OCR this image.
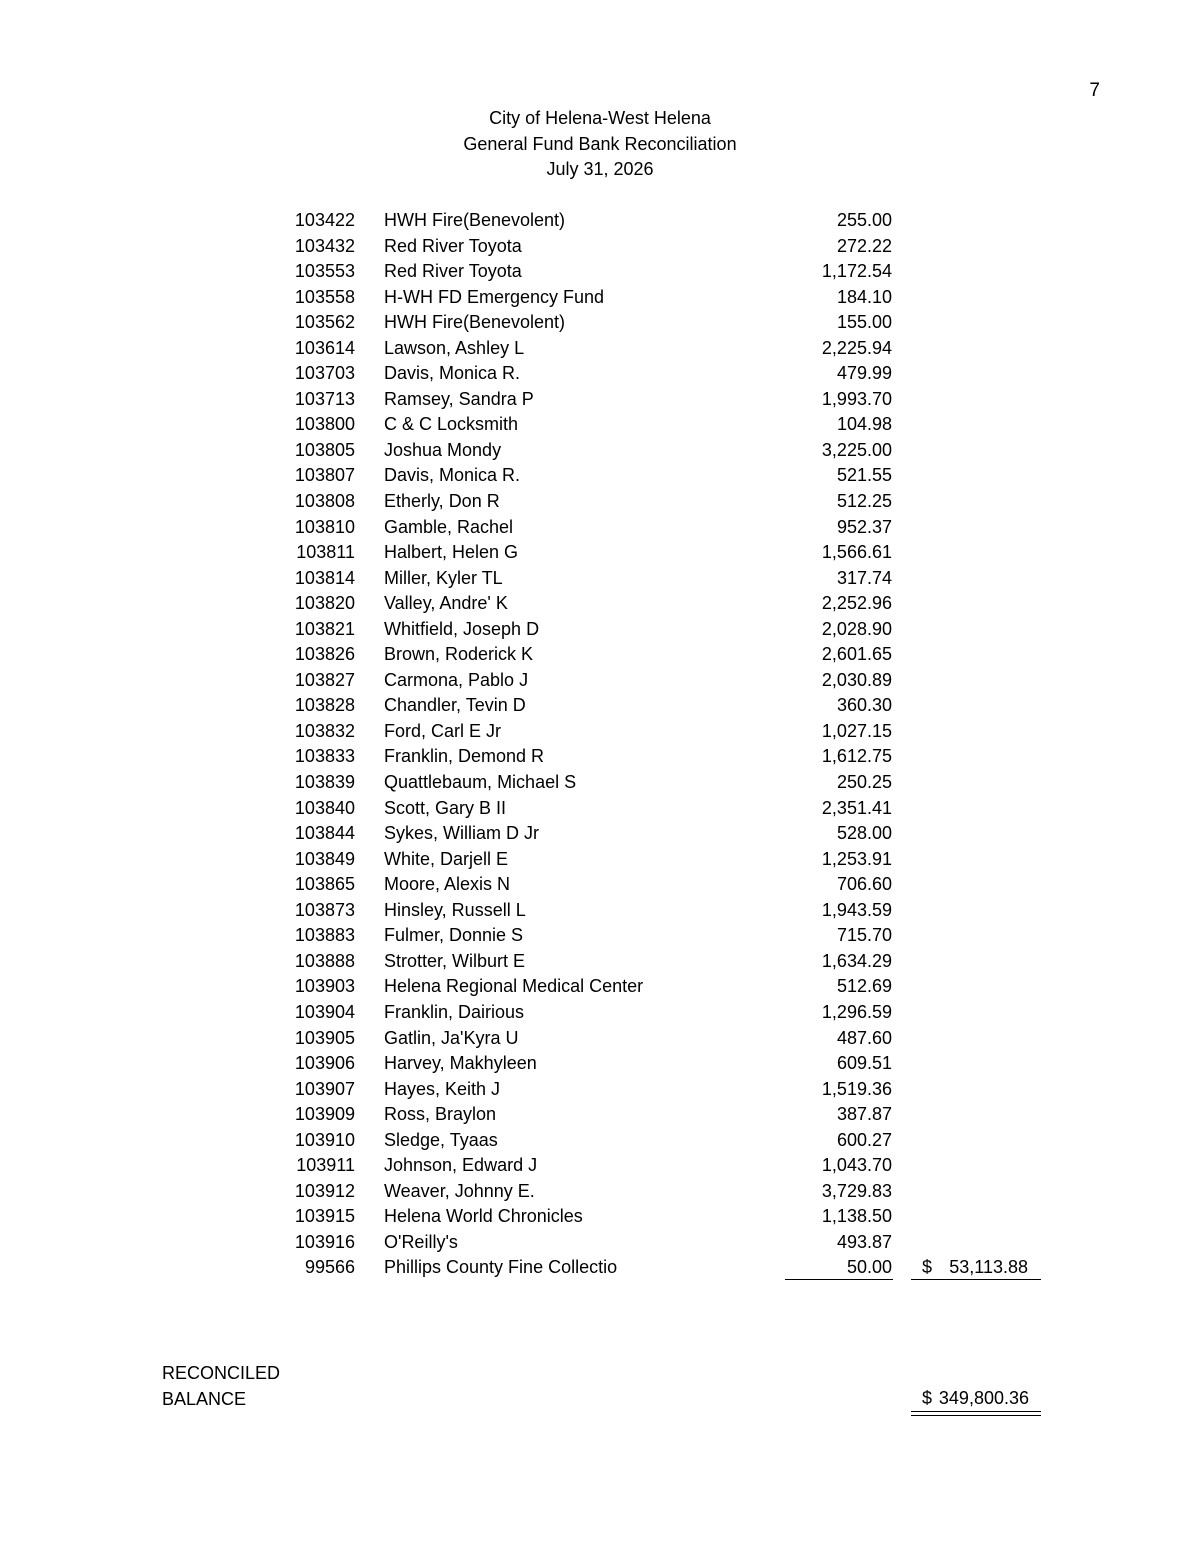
7
City of Helena-West Helena
General Fund Bank Reconciliation
July 31, 2026
103422 HWH Fire(Benevolent)	255.00
103432 Red River Toyota	272.22
103553 Red River Toyota	1,172.54
103558 H-WH FD Emergency Fund	184.10
103562 HWH Fire(Benevolent)	155.00
103614 Lawson, Ashley L	2,225.94
103703 Davis, Monica R.	479.99
103713 Ramsey, Sandra P	1,993.70
103800 C & C Locksmith	104.98
103805 Joshua Mondy	3,225.00
103807 Davis, Monica R.	521.55
103808 Etherly, Don R	512.25
103810 Gamble, Rachel	952.37
103811 Halbert, Helen G	1,566.61
103814 Miller, Kyler TL	317.74
103820 Valley, Andre' K	2,252.96
103821 Whitfield, Joseph D	2,028.90
103826 Brown, Roderick K	2,601.65
103827 Carmona, Pablo J	2,030.89
103828 Chandler, Tevin D	360.30
103832 Ford, Carl E Jr	1,027.15
103833 Franklin, Demond R	1,612.75
103839 Quattlebaum, Michael S	250.25
103840 Scott, Gary B II	2,351.41
103844 Sykes, William D Jr	528.00
103849 White, Darjell E	1,253.91
103865 Moore, Alexis N	706.60
103873 Hinsley, Russell L	1,943.59
103883 Fulmer, Donnie S	715.70
103888 Strotter, Wilburt E	1,634.29
103903 Helena Regional Medical Center	512.69
103904 Franklin, Dairious	1,296.59
103905 Gatlin, Ja'Kyra U	487.60
103906 Harvey, Makhyleen	609.51
103907 Hayes, Keith J	1,519.36
103909 Ross, Braylon	387.87
103910 Sledge, Tyaas	600.27
103911 Johnson, Edward J	1,043.70
103912 Weaver, Johnny E.	3,729.83
103915 Helena World Chronicles	1,138.50
103916 O'Reilly's	493.87
99566 Phillips County Fine Collectio	50.00 $ 53,113.88
RECONCILED
BALANCE	$ 349,800.36
